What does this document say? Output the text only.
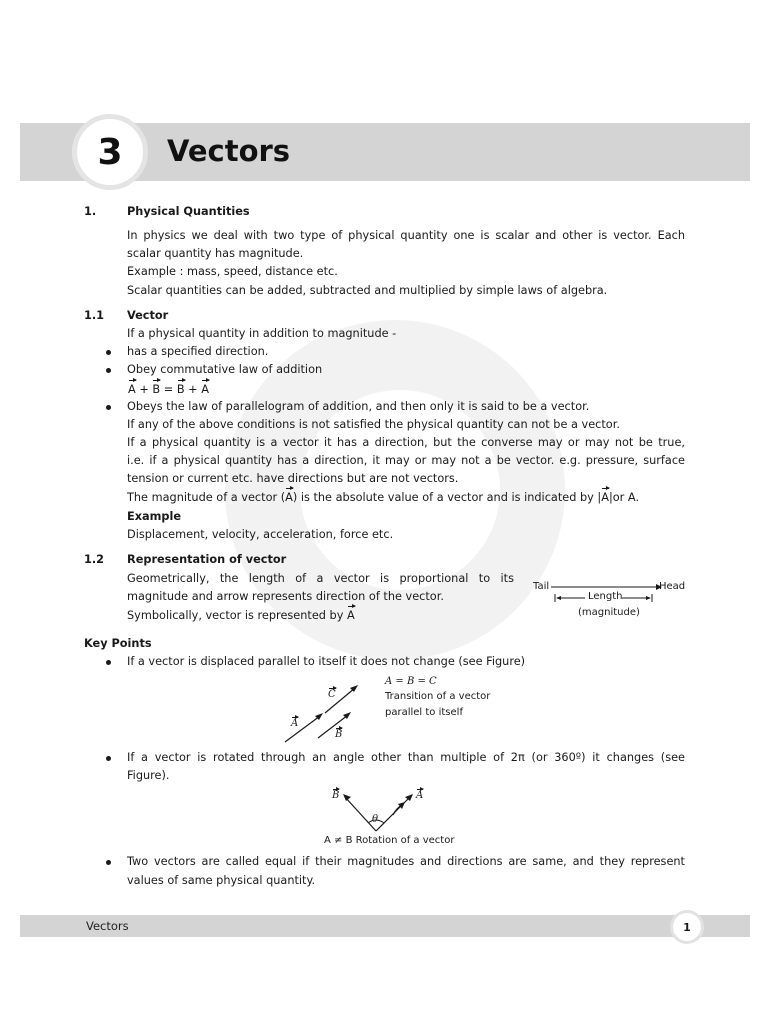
3	Vectors
1.	Physical Quantities
In physics we deal with two type of physical quantity one is scalar and other is vector. Each
scalar quantity has magnitude.
Example : mass, speed, distance etc.
Scalar quantities can be added, subtracted and multiplied by simple laws of algebra.
1.1 Vector
If a physical quantity in addition to magnitude -
has a specified direction.
Obey commutative law of addition
A + B = B + A
Obeys the law of parallelogram of addition, and then only it is said to be a vector.
If any of the above conditions is not satisfied the physical quantity can not be a vector.
If a physical quantity is a vector it has a direction, but the converse may or may not be true,
i.e. if a physical quantity has a direction, it may or may not a be vector. e.g. pressure, surface
tension or current etc. have directions but are not vectors.
The magnitude of a vector (A) is the absolute value of a vector and is indicated by |A|or A.
Example
Displacement, velocity, acceleration, force etc.
1.2 Representation of vector
Geometrically, the length of a vector is proportional to its
magnitude and arrow represents direction of the vector.
Symbolically, vector is represented by A
Tail	Head
Length
(magnitude)
Key Points
If a vector is displaced parallel to itself it does not change (see Figure)
C
A
B
A = B = C
Transition of a vector
parallel to itself
If a vector is rotated through an angle other than multiple of 2π (or 360º) it changes (see
Figure).
B	A
θ
A ≠ B Rotation of a vector
Two vectors are called equal if their magnitudes and directions are same, and they represent
values of same physical quantity.
Vectors	1
